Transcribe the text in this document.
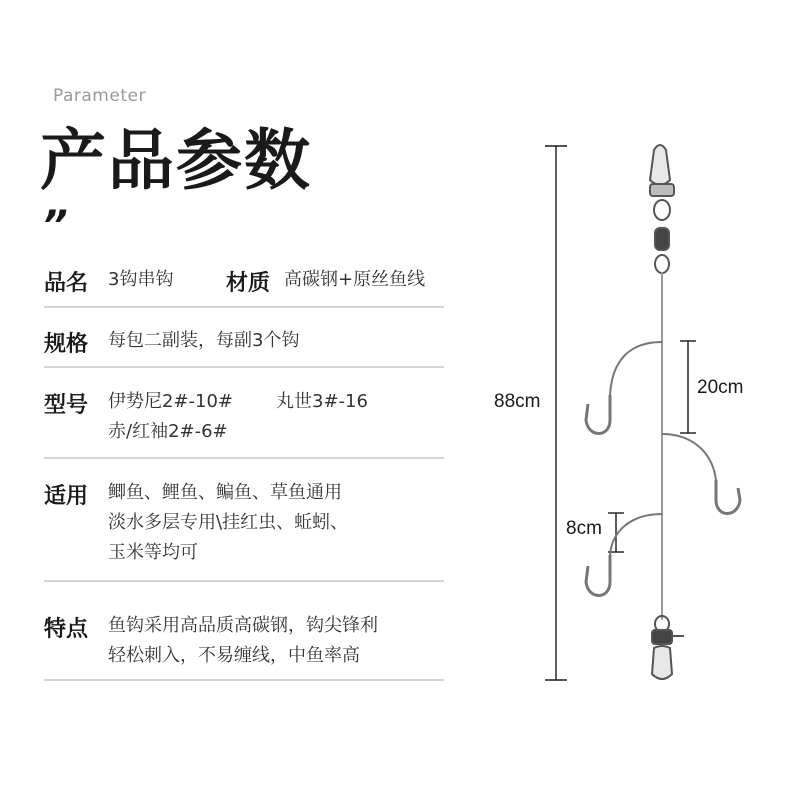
Parameter
产品参数
”
品名 3钩串钩 材质 高碳钢+原丝鱼线
规格 每包二副装，每副3个钩
型号 伊势尼2#-10# 丸世3#-16
赤/红袖2#-6#
适用 鲫鱼、鲤鱼、鳊鱼、草鱼通用
淡水多层专用\挂红虫、蚯蚓、
玉米等均可
特点 鱼钩采用高品质高碳钢，钩尖锋利
轻松刺入，不易缠线，中鱼率高
88cm
20cm
8cm
